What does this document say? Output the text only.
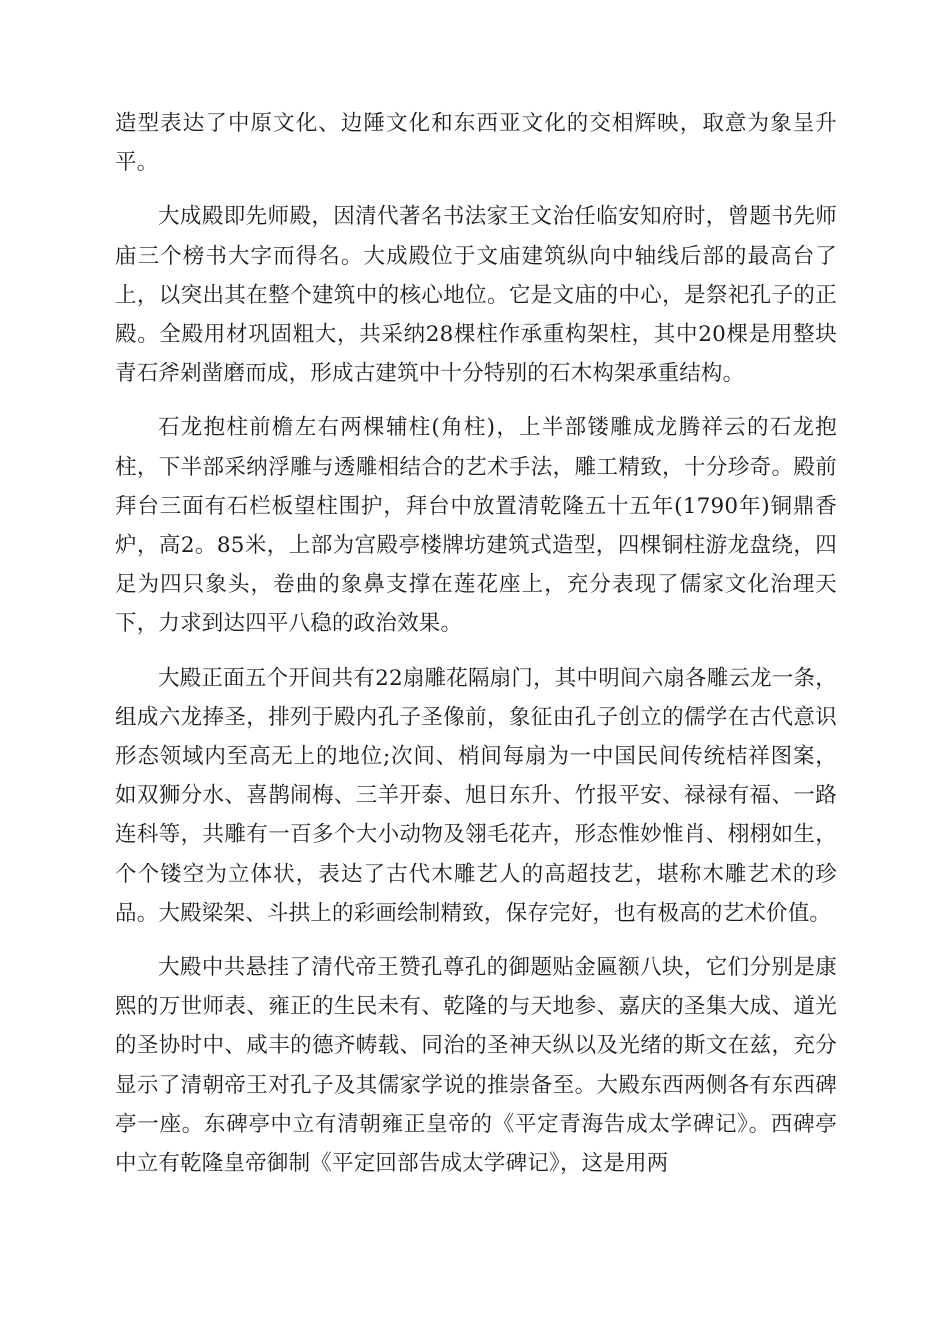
造型表达了中原文化、边陲文化和东西亚文化的交相辉映，取意为象呈升平。

大成殿即先师殿，因清代著名书法家王文治任临安知府时，曾题书先师庙三个榜书大字而得名。大成殿位于文庙建筑纵向中轴线后部的最高台了上，以突出其在整个建筑中的核心地位。它是文庙的中心，是祭祀孔子的正殿。全殿用材巩固粗大，共采纳28棵柱作承重构架柱，其中20棵是用整块青石斧剁凿磨而成，形成古建筑中十分特别的石木构架承重结构。

石龙抱柱前檐左右两棵辅柱(角柱)，上半部镂雕成龙腾祥云的石龙抱柱，下半部采纳浮雕与透雕相结合的艺术手法，雕工精致，十分珍奇。殿前拜台三面有石栏板望柱围护，拜台中放置清乾隆五十五年(1790年)铜鼎香炉，高2。85米，上部为宫殿亭楼牌坊建筑式造型，四棵铜柱游龙盘绕，四足为四只象头，卷曲的象鼻支撑在莲花座上，充分表现了儒家文化治理天下，力求到达四平八稳的政治效果。

大殿正面五个开间共有22扇雕花隔扇门，其中明间六扇各雕云龙一条，组成六龙捧圣，排列于殿内孔子圣像前，象征由孔子创立的儒学在古代意识形态领域内至高无上的地位;次间、梢间每扇为一中国民间传统桔祥图案，如双狮分水、喜鹊闹梅、三羊开泰、旭日东升、竹报平安、禄禄有福、一路连科等，共雕有一百多个大小动物及翎毛花卉，形态惟妙惟肖、栩栩如生，个个镂空为立体状，表达了古代木雕艺人的高超技艺，堪称木雕艺术的珍品。大殿梁架、斗拱上的彩画绘制精致，保存完好，也有极高的艺术价值。

大殿中共悬挂了清代帝王赞孔尊孔的御题贴金匾额八块，它们分别是康熙的万世师表、雍正的生民未有、乾隆的与天地参、嘉庆的圣集大成、道光的圣协时中、咸丰的德齐帱载、同治的圣神天纵以及光绪的斯文在兹，充分显示了清朝帝王对孔子及其儒家学说的推崇备至。大殿东西两侧各有东西碑亭一座。东碑亭中立有清朝雍正皇帝的《平定青海告成太学碑记》。西碑亭中立有乾隆皇帝御制《平定回部告成太学碑记》，这是用两
